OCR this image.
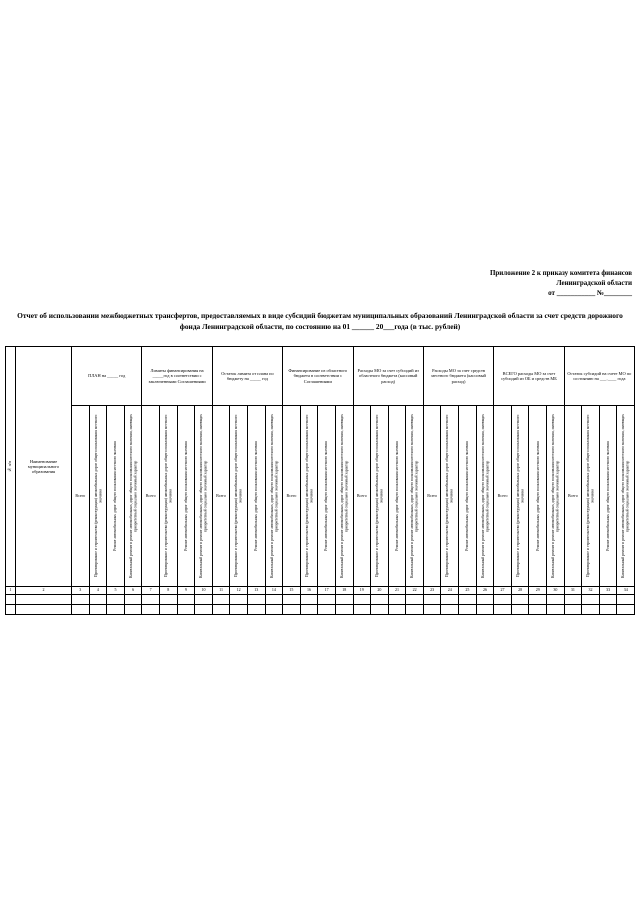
Приложение 2 к приказу комитета финансов
Ленинградской области
от ___________ №________
Отчет об использовании межбюджетных трансфертов, предоставляемых в виде субсидий бюджетам муниципальных образований Ленинградской области за счет средств дорожного фонда Ленинградской области, по состоянию на 01 ______ 20___года (в тыс. рублей)
№ п/п	Наименование муниципального образования	ПЛАН на _____ год				Лимиты финансирования на _____год в соответствии с заключенными Соглашениями				Остаток лимита от плана по бюджету на _____ год				Финансирование из областного бюджета в соответствии с Соглашениями				Расходы МО за счет субсидий из областного бюджета (кассовый расход)				Расходы МО за счет средств местного бюджета (кассовый расход)				ВСЕГО расходы МО за счет субсидий из ОБ и средств МБ				Остаток субсидий на счете МО по состоянию на ___.____ года			

		Всего	Проектирование и строительство (реконструкция) автомобильных дорог общего пользования местного значения	Ремонт автомобильных дорог общего пользования местного значения	Капитальный ремонт и ремонт автомобильных дорог общего пользования местного значения, имеющих приоритетный социально значимый характер	Всего	Проектирование и строительство (реконструкция) автомобильных дорог общего пользования местного значения	Ремонт автомобильных дорог общего пользования местного значения	Капитальный ремонт и ремонт автомобильных дорог общего пользования местного значения, имеющих приоритетный социально значимый характер	Всего	Проектирование и строительство (реконструкция) автомобильных дорог общего пользования местного значения	Ремонт автомобильных дорог общего пользования местного значения	Капитальный ремонт и ремонт автомобильных дорог общего пользования местного значения, имеющих приоритетный социально значимый характер	Всего	Проектирование и строительство (реконструкция) автомобильных дорог общего пользования местного значения	Ремонт автомобильных дорог общего пользования местного значения	Капитальный ремонт и ремонт автомобильных дорог общего пользования местного значения, имеющих приоритетный социально значимый характер	Всего	Проектирование и строительство (реконструкция) автомобильных дорог общего пользования местного значения	Ремонт автомобильных дорог общего пользования местного значения	Капитальный ремонт и ремонт автомобильных дорог общего пользования местного значения, имеющих приоритетный социально значимый характер	Всего	Проектирование и строительство (реконструкция) автомобильных дорог общего пользования местного значения	Ремонт автомобильных дорог общего пользования местного значения	Капитальный ремонт и ремонт автомобильных дорог общего пользования местного значения, имеющих приоритетный социально значимый характер	Всего	Проектирование и строительство (реконструкция) автомобильных дорог общего пользования местного значения	Ремонт автомобильных дорог общего пользования местного значения	Капитальный ремонт и ремонт автомобильных дорог общего пользования местного значения, имеющих приоритетный социально значимый характер	Всего	Проектирование и строительство (реконструкция) автомобильных дорог общего пользования местного значения	Ремонт автомобильных дорог общего пользования местного значения	Капитальный ремонт и ремонт автомобильных дорог общего пользования местного значения, имеющих приоритетный социально значимый характер

1	2	3	4	5	6	7	8	9	10	11	12	13	14	15	16	17	18	19	20	21	22	23	24	25	26	27	28	29	30	31	32	33	34
